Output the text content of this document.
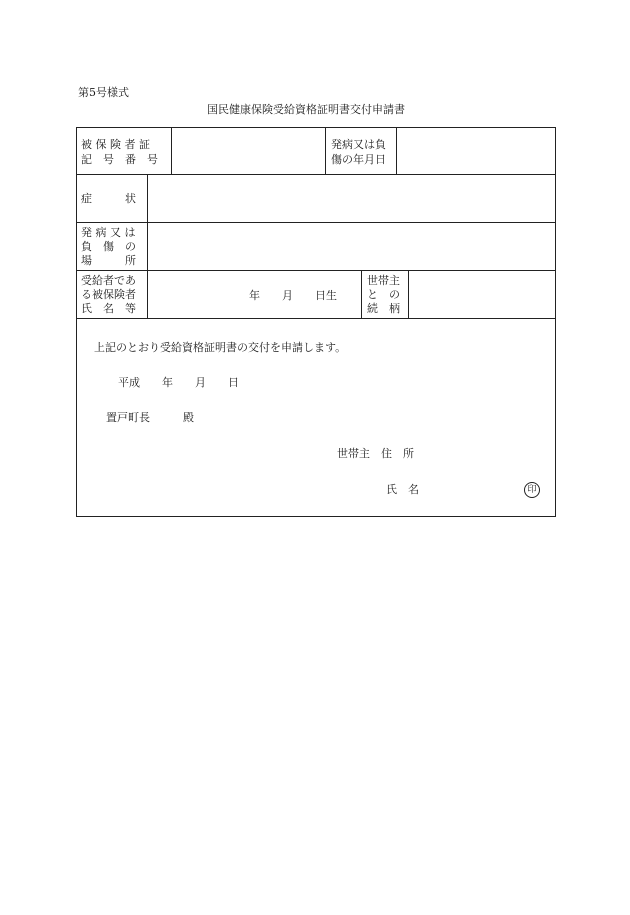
第5号様式
国民健康保険受給資格証明書交付申請書
被 保 険 者 証
記　号　番　号
発病又は負
傷の年月日
症　　　状
発 病 又 は
負　傷　の
場　　　所
受給者であ
る被保険者
氏　名　等
年　　月　　日生
世帯主
と　の
続　柄
上記のとおり受給資格証明書の交付を申請します。
平成　　年　　月　　日
置戸町長　　　殿
世帯主　住　所
氏　名	印
